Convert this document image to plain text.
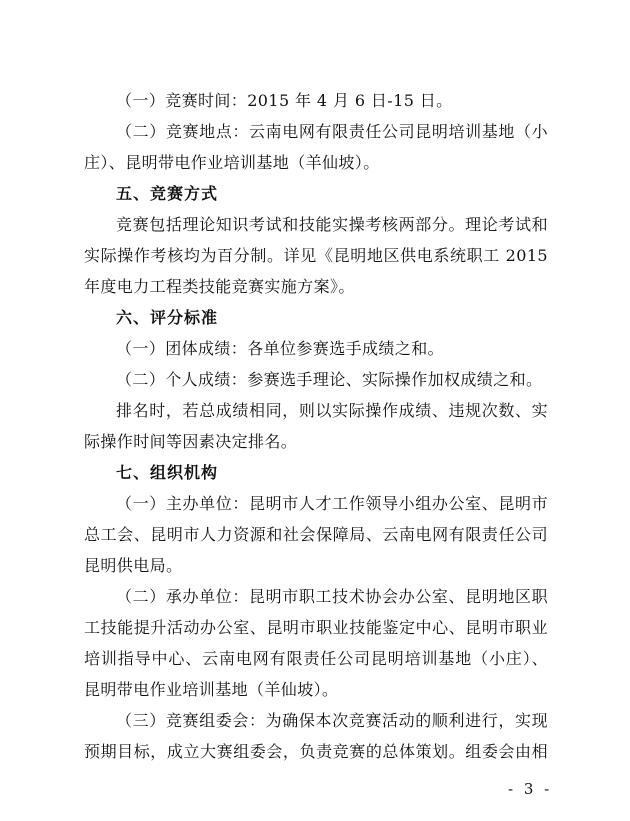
（一）竞赛时间：2015 年 4 月 6 日-15 日。
（二）竞赛地点：云南电网有限责任公司昆明培训基地（小
庄）、昆明带电作业培训基地（羊仙坡）。
五、竞赛方式
竞赛包括理论知识考试和技能实操考核两部分。理论考试和
实际操作考核均为百分制。详见《昆明地区供电系统职工 2015
年度电力工程类技能竞赛实施方案》。
六、评分标准
（一）团体成绩：各单位参赛选手成绩之和。
（二）个人成绩：参赛选手理论、实际操作加权成绩之和。
排名时，若总成绩相同，则以实际操作成绩、违规次数、实
际操作时间等因素决定排名。
七、组织机构
（一）主办单位：昆明市人才工作领导小组办公室、昆明市
总工会、昆明市人力资源和社会保障局、云南电网有限责任公司
昆明供电局。
（二）承办单位：昆明市职工技术协会办公室、昆明地区职
工技能提升活动办公室、昆明市职业技能鉴定中心、昆明市职业
培训指导中心、云南电网有限责任公司昆明培训基地（小庄）、
昆明带电作业培训基地（羊仙坡）。
（三）竞赛组委会：为确保本次竞赛活动的顺利进行，实现
预期目标，成立大赛组委会，负责竞赛的总体策划。组委会由相
- 3 -
